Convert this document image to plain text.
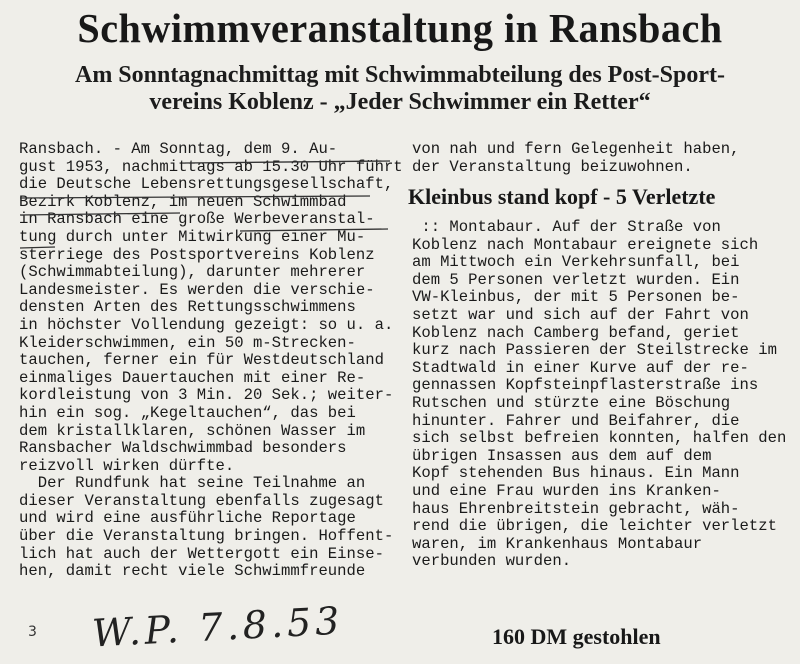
Schwimmveranstaltung in Ransbach
Am Sonntagnachmittag mit Schwimmabteilung des Post-Sport-
vereins Koblenz - „Jeder Schwimmer ein Retter“

Ransbach. - Am Sonntag, dem 9. Au-

gust 1953, nachmittags ab 15.30 Uhr führt

die Deutsche Lebensrettungsgesellschaft,

Bezirk Koblenz, im neuen Schwimmbad

in Ransbach eine große Werbeveranstal-

tung durch unter Mitwirkung einer Mu-

sterriege des Postsportvereins Koblenz

(Schwimmabteilung), darunter mehrerer

Landesmeister. Es werden die verschie-

densten Arten des Rettungsschwimmens

in höchster Vollendung gezeigt: so u. a.

Kleiderschwimmen, ein 50 m-Strecken-

tauchen, ferner ein für Westdeutschland

einmaliges Dauertauchen mit einer Re-

kordleistung von 3 Min. 20 Sek.; weiter-

hin ein sog. „Kegeltauchen“, das bei

dem kristallklaren, schönen Wasser im

Ransbacher Waldschwimmbad besonders

reizvoll wirken dürfte.

Der Rundfunk hat seine Teilnahme an

dieser Veranstaltung ebenfalls zugesagt

und wird eine ausführliche Reportage

über die Veranstaltung bringen. Hoffent-

lich hat auch der Wettergott ein Einse-

hen, damit recht viele Schwimmfreunde

von nah und fern Gelegenheit haben,

der Veranstaltung beizuwohnen.

Kleinbus stand kopf - 5 Verletzte

:: Montabaur. Auf der Straße von

Koblenz nach Montabaur ereignete sich

am Mittwoch ein Verkehrsunfall, bei

dem 5 Personen verletzt wurden. Ein

VW-Kleinbus, der mit 5 Personen be-

setzt war und sich auf der Fahrt von

Koblenz nach Camberg befand, geriet

kurz nach Passieren der Steilstrecke im

Stadtwald in einer Kurve auf der re-

gennassen Kopfsteinpflasterstraße ins

Rutschen und stürzte eine Böschung

hinunter. Fahrer und Beifahrer, die

sich selbst befreien konnten, halfen den

übrigen Insassen aus dem auf dem

Kopf stehenden Bus hinaus. Ein Mann

und eine Frau wurden ins Kranken-

haus Ehrenbreitstein gebracht, wäh-

rend die übrigen, die leichter verletzt

waren, im Krankenhaus Montabaur

verbunden wurden.

160 DM gestohlen
W.P. 7.8.53
3
